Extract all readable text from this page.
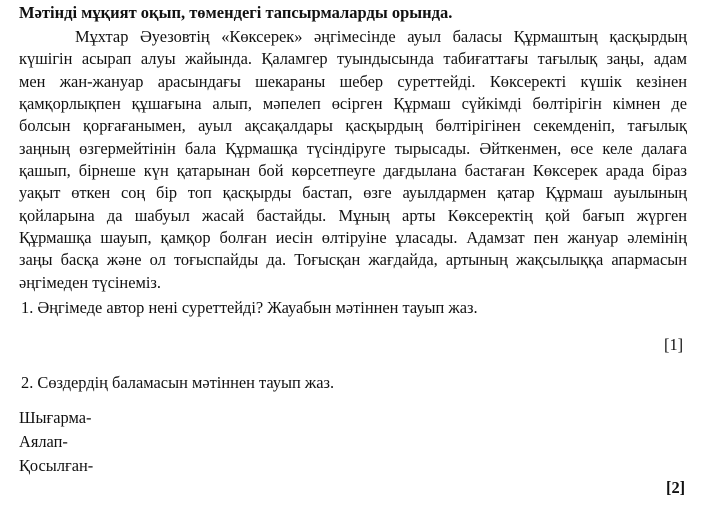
Мәтінді мұқият оқып, төмендегі тапсырмаларды орында.
Мұхтар Әуезовтің «Көксерек» әңгімесінде ауыл баласы Құрмаштың қасқырдың
күшігін асырап алуы жайында. Қаламгер туындысында табиғаттағы тағылық заңы, адам
мен жан-жануар арасындағы шекараны шебер суреттейді. Көксеректі күшік кезінен
қамқорлықпен құшағына алып, мәпелеп өсірген Құрмаш сүйкімді бөлтірігін кімнен де
болсын қорғағанымен, ауыл ақсақалдары қасқырдың бөлтірігінен секемденіп, тағылық
заңның өзгермейтінін бала Құрмашқа түсіндіруге тырысады. Әйткенмен, өсе келе далаға
қашып, бірнеше күн қатарынан бой көрсетпеуге дағдылана бастаған Көксерек арада біраз
уақыт өткен соң бір топ қасқырды бастап, өзге ауылдармен қатар Құрмаш ауылының
қойларына да шабуыл жасай бастайды. Мұның арты Көксеректің қой бағып жүрген
Құрмашқа шауып, қамқор болған иесін өлтіруіне ұласады. Адамзат пен жануар әлемінің
заңы басқа және ол тоғыспайды да. Тоғысқан жағдайда, артының жақсылыққа апармасын
әңгімеден түсінеміз.
1. Әңгімеде автор нені суреттейді? Жауабын мәтіннен тауып жаз.
[1]
2. Сөздердің баламасын мәтіннен тауып жаз.
Шығарма-
Аялап-
Қосылған-
[2]
